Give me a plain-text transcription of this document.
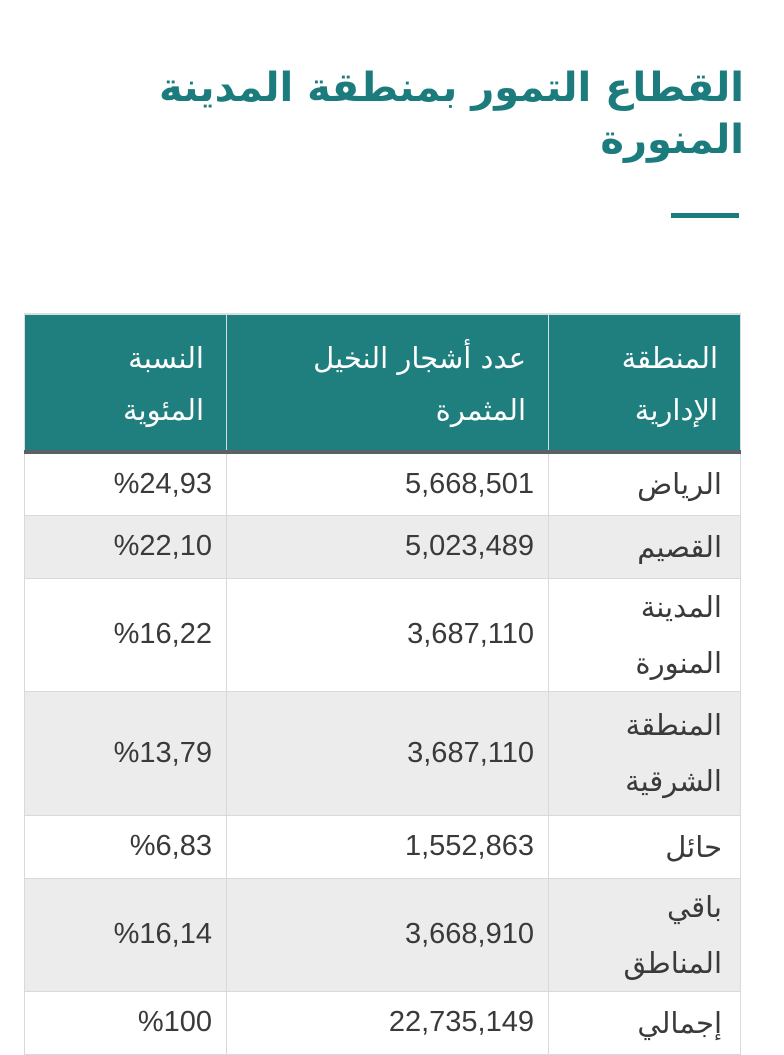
القطاع التمور بمنطقة المدينة المنورة
المنطقة الإدارية	عدد أشجار النخيل المثمرة	النسبة المئوية
الرياض	5,668,501	%24,93
القصيم	5,023,489	%22,10
المدينة المنورة	3,687,110	%16,22
المنطقة الشرقية	3,687,110	%13,79
حائل	1,552,863	%6,83
باقي المناطق	3,668,910	%16,14
إجمالي	22,735,149	%100
